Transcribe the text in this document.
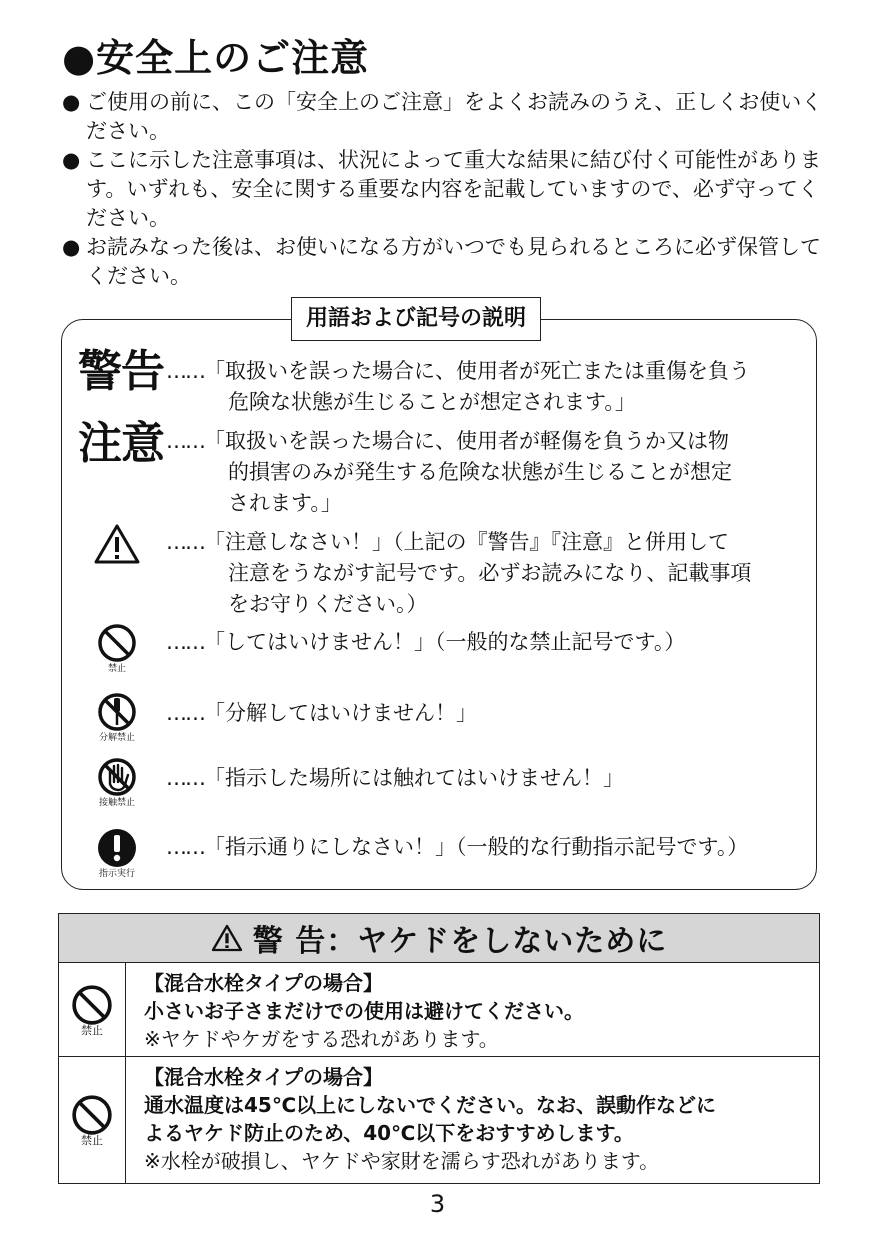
●安全上のご注意

● ご使用の前に、この「安全上のご注意」をよくお読みのうえ、正しくお使いください。

● ここに示した注意事項は、状況によって重大な結果に結び付く可能性があります。いずれも、安全に関する重要な内容を記載していますので、必ず守ってください。

● お読みなった後は、お使いになる方がいつでも見られるところに必ず保管してください。

用語および記号の説明
警告 ……「取扱いを誤った場合に、使用者が死亡または重傷を負う
危険な状態が生じることが想定されます。」
注意 ……「取扱いを誤った場合に、使用者が軽傷を負うか又は物
的損害のみが発生する危険な状態が生じることが想定
されます。」
……「注意しなさい！」（上記の『警告』『注意』と併用して
注意をうながす記号です。必ずお読みになり、記載事項
をお守りください。）
禁止
……「してはいけません！」（一般的な禁止記号です。）
分解禁止
……「分解してはいけません！」
接触禁止
……「指示した場所には触れてはいけません！」
指示実行
……「指示通りにしなさい！」（一般的な行動指示記号です。）
警 告：ヤケドをしないために
禁止
【混合水栓タイプの場合】
小さいお子さまだけでの使用は避けてください。
※ヤケドやケガをする恐れがあります。
禁止
【混合水栓タイプの場合】
通水温度は45℃以上にしないでください。なお、誤動作などに
よるヤケド防止のため、40℃以下をおすすめします。
※水栓が破損し、ヤケドや家財を濡らす恐れがあります。
3
